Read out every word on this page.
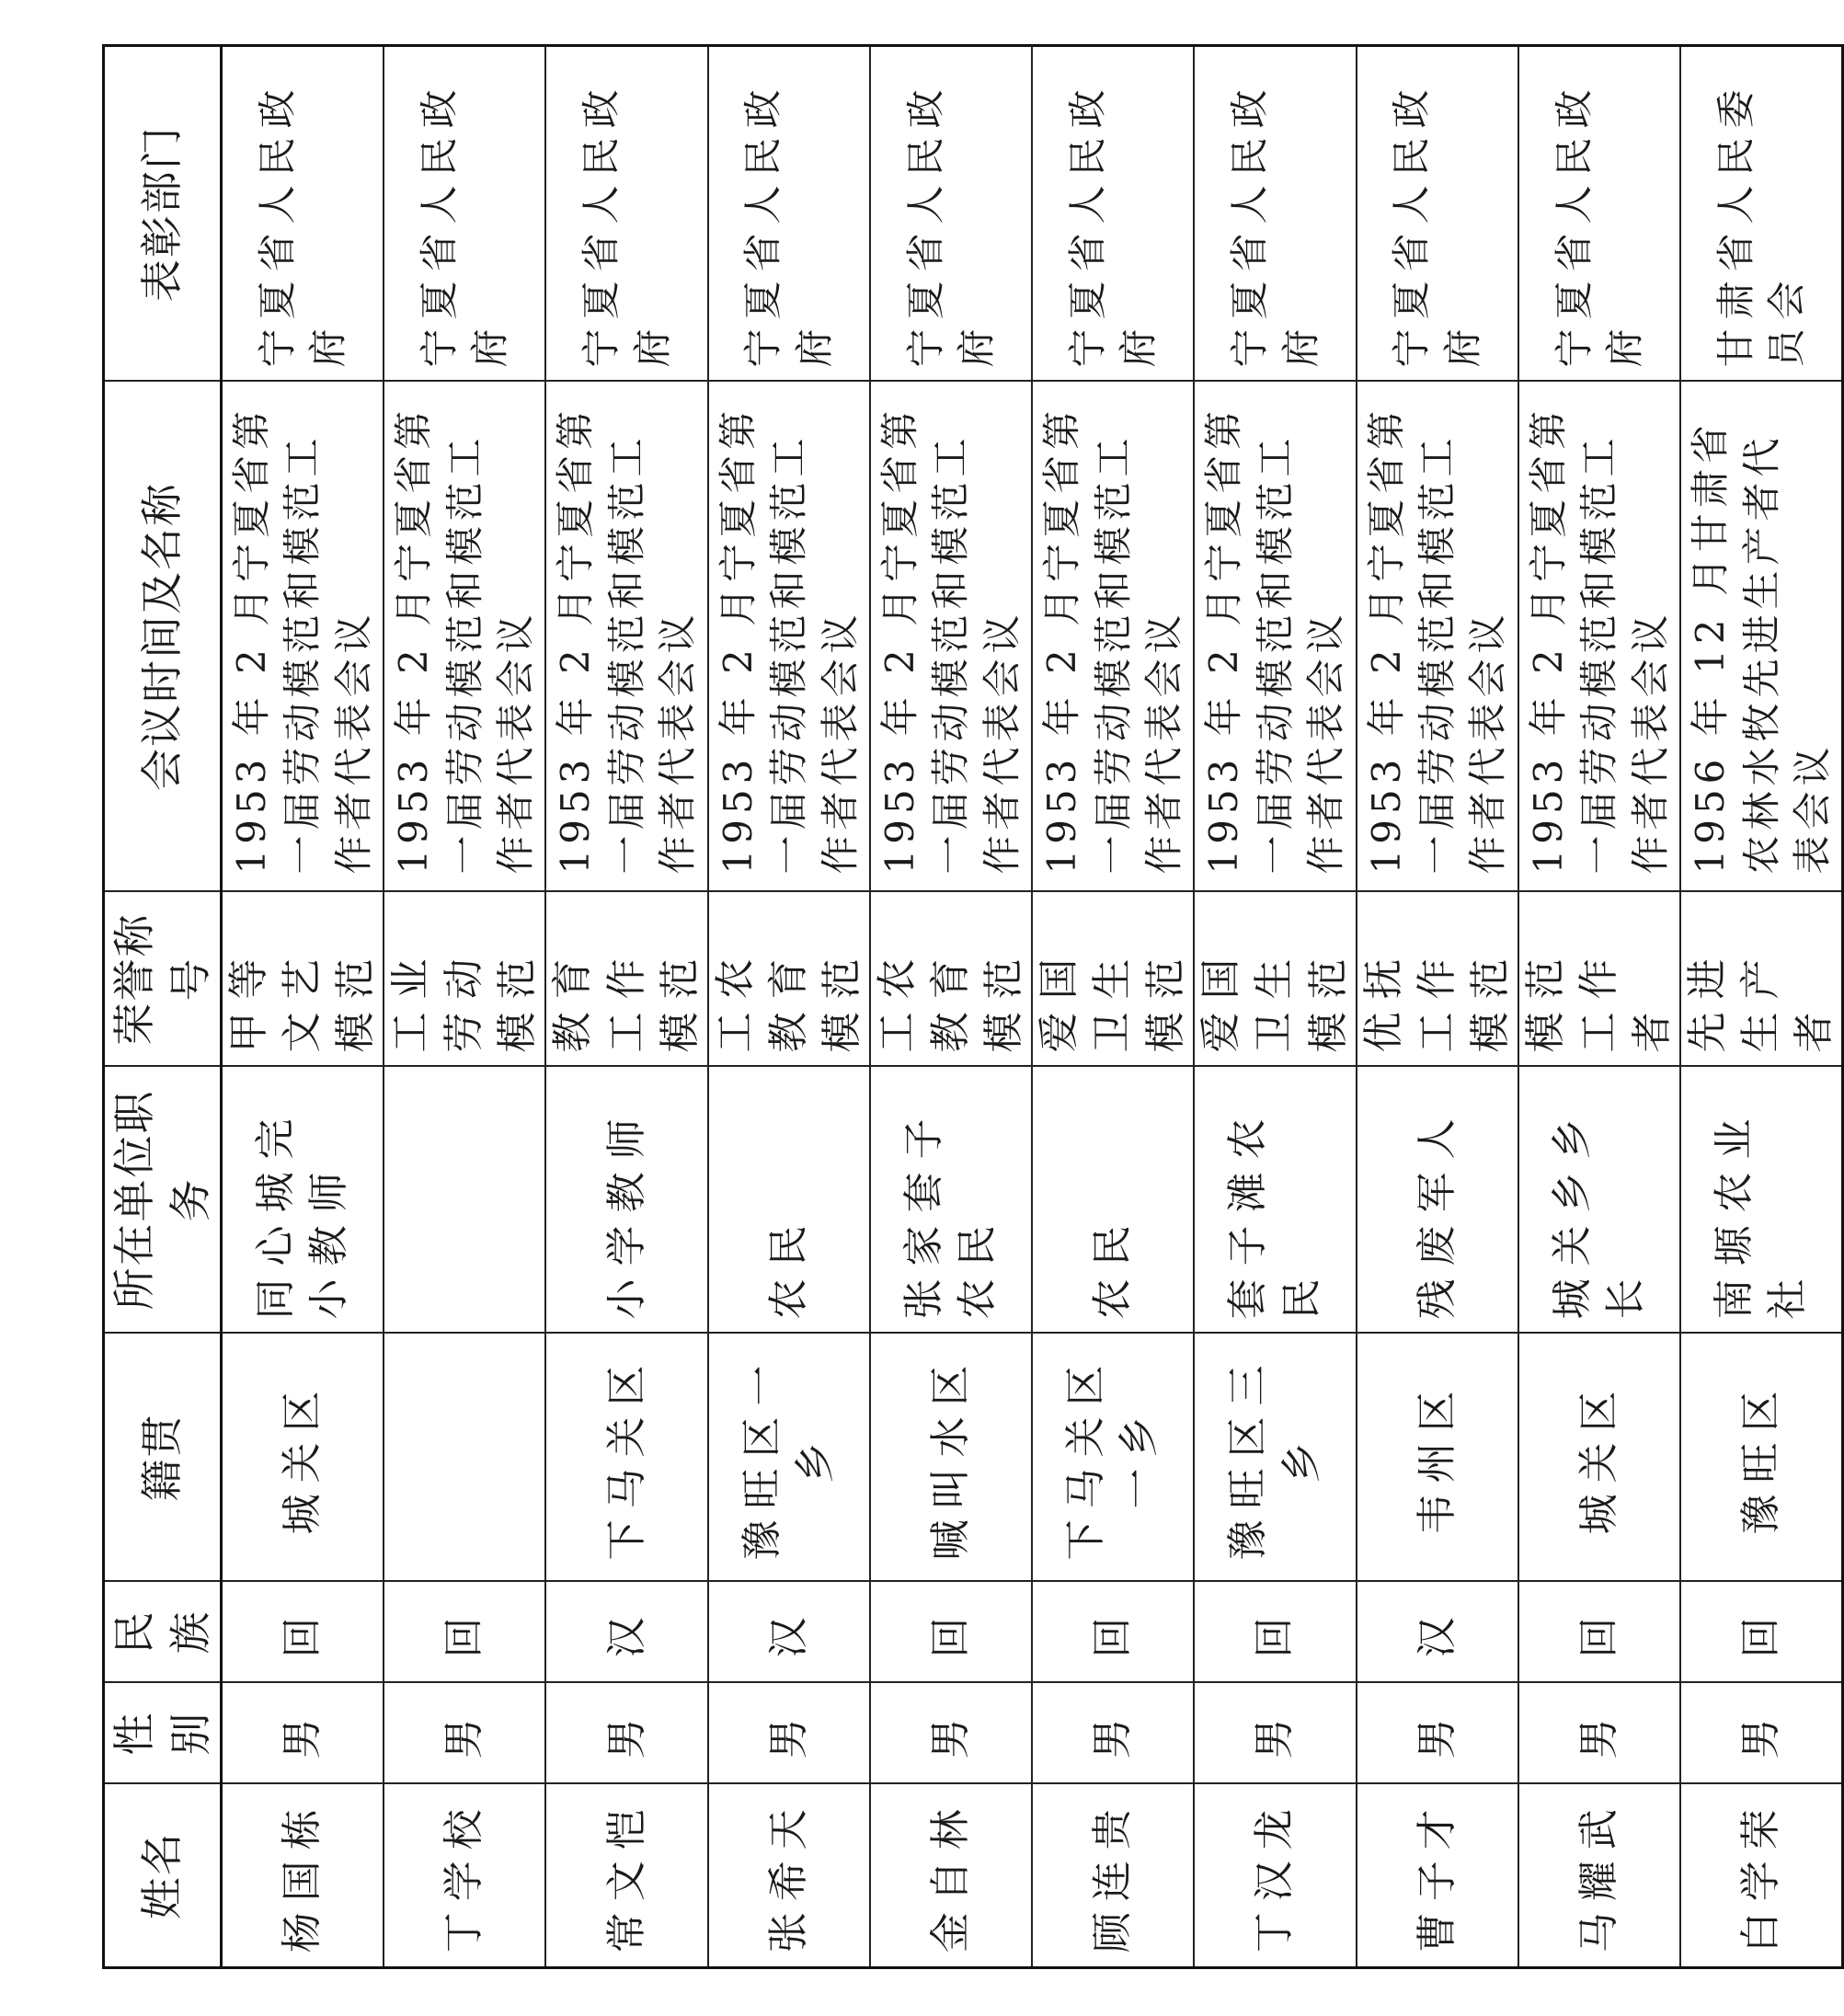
姓名	性别	民族	籍贯	所在单位职务	荣誉称号	会议时间及名称	表彰部门
杨国栋	男	回	城关区	同心城完小教师	甲等文艺模范	1953 年 2 月宁夏省第一届劳动模范和模范工作者代表会议	宁夏省人民政府
丁学校	男	回			工业劳动模范	1953 年 2 月宁夏省第一届劳动模范和模范工作者代表会议	宁夏省人民政府
常文恺	男	汉	下马关区	小学教师	教育工作模范	1953 年 2 月宁夏省第一届劳动模范和模范工作者代表会议	宁夏省人民政府
张希天	男	汉	豫旺区一乡	农民	工农教育模范	1953 年 2 月宁夏省第一届劳动模范和模范工作者代表会议	宁夏省人民政府
金自林	男	回	喊叫水区	张家套子农民	工农教育模范	1953 年 2 月宁夏省第一届劳动模范和模范工作者代表会议	宁夏省人民政府
顾连贵	男	回	下马关区一乡	农民	爱国卫生模范	1953 年 2 月宁夏省第一届劳动模范和模范工作者代表会议	宁夏省人民政府
丁汉龙	男	回	豫旺区三乡	套子滩农民	爱国卫生模范	1953 年 2 月宁夏省第一届劳动模范和模范工作者代表会议	宁夏省人民政府
曹子才	男	汉	韦州区	残废军人	优抚工作模范	1953 年 2 月宁夏省第一届劳动模范和模范工作者代表会议	宁夏省人民政府
马耀武	男	回	城关区	城关乡乡长	模范工作者	1953 年 2 月宁夏省第一届劳动模范和模范工作者代表会议	宁夏省人民政府
白学荣	男	回	豫旺区	南塬农业社	先进生产者	1956 年 12 月甘肃省农林水牧先进生产者代表会议	甘肃省人民委员会
